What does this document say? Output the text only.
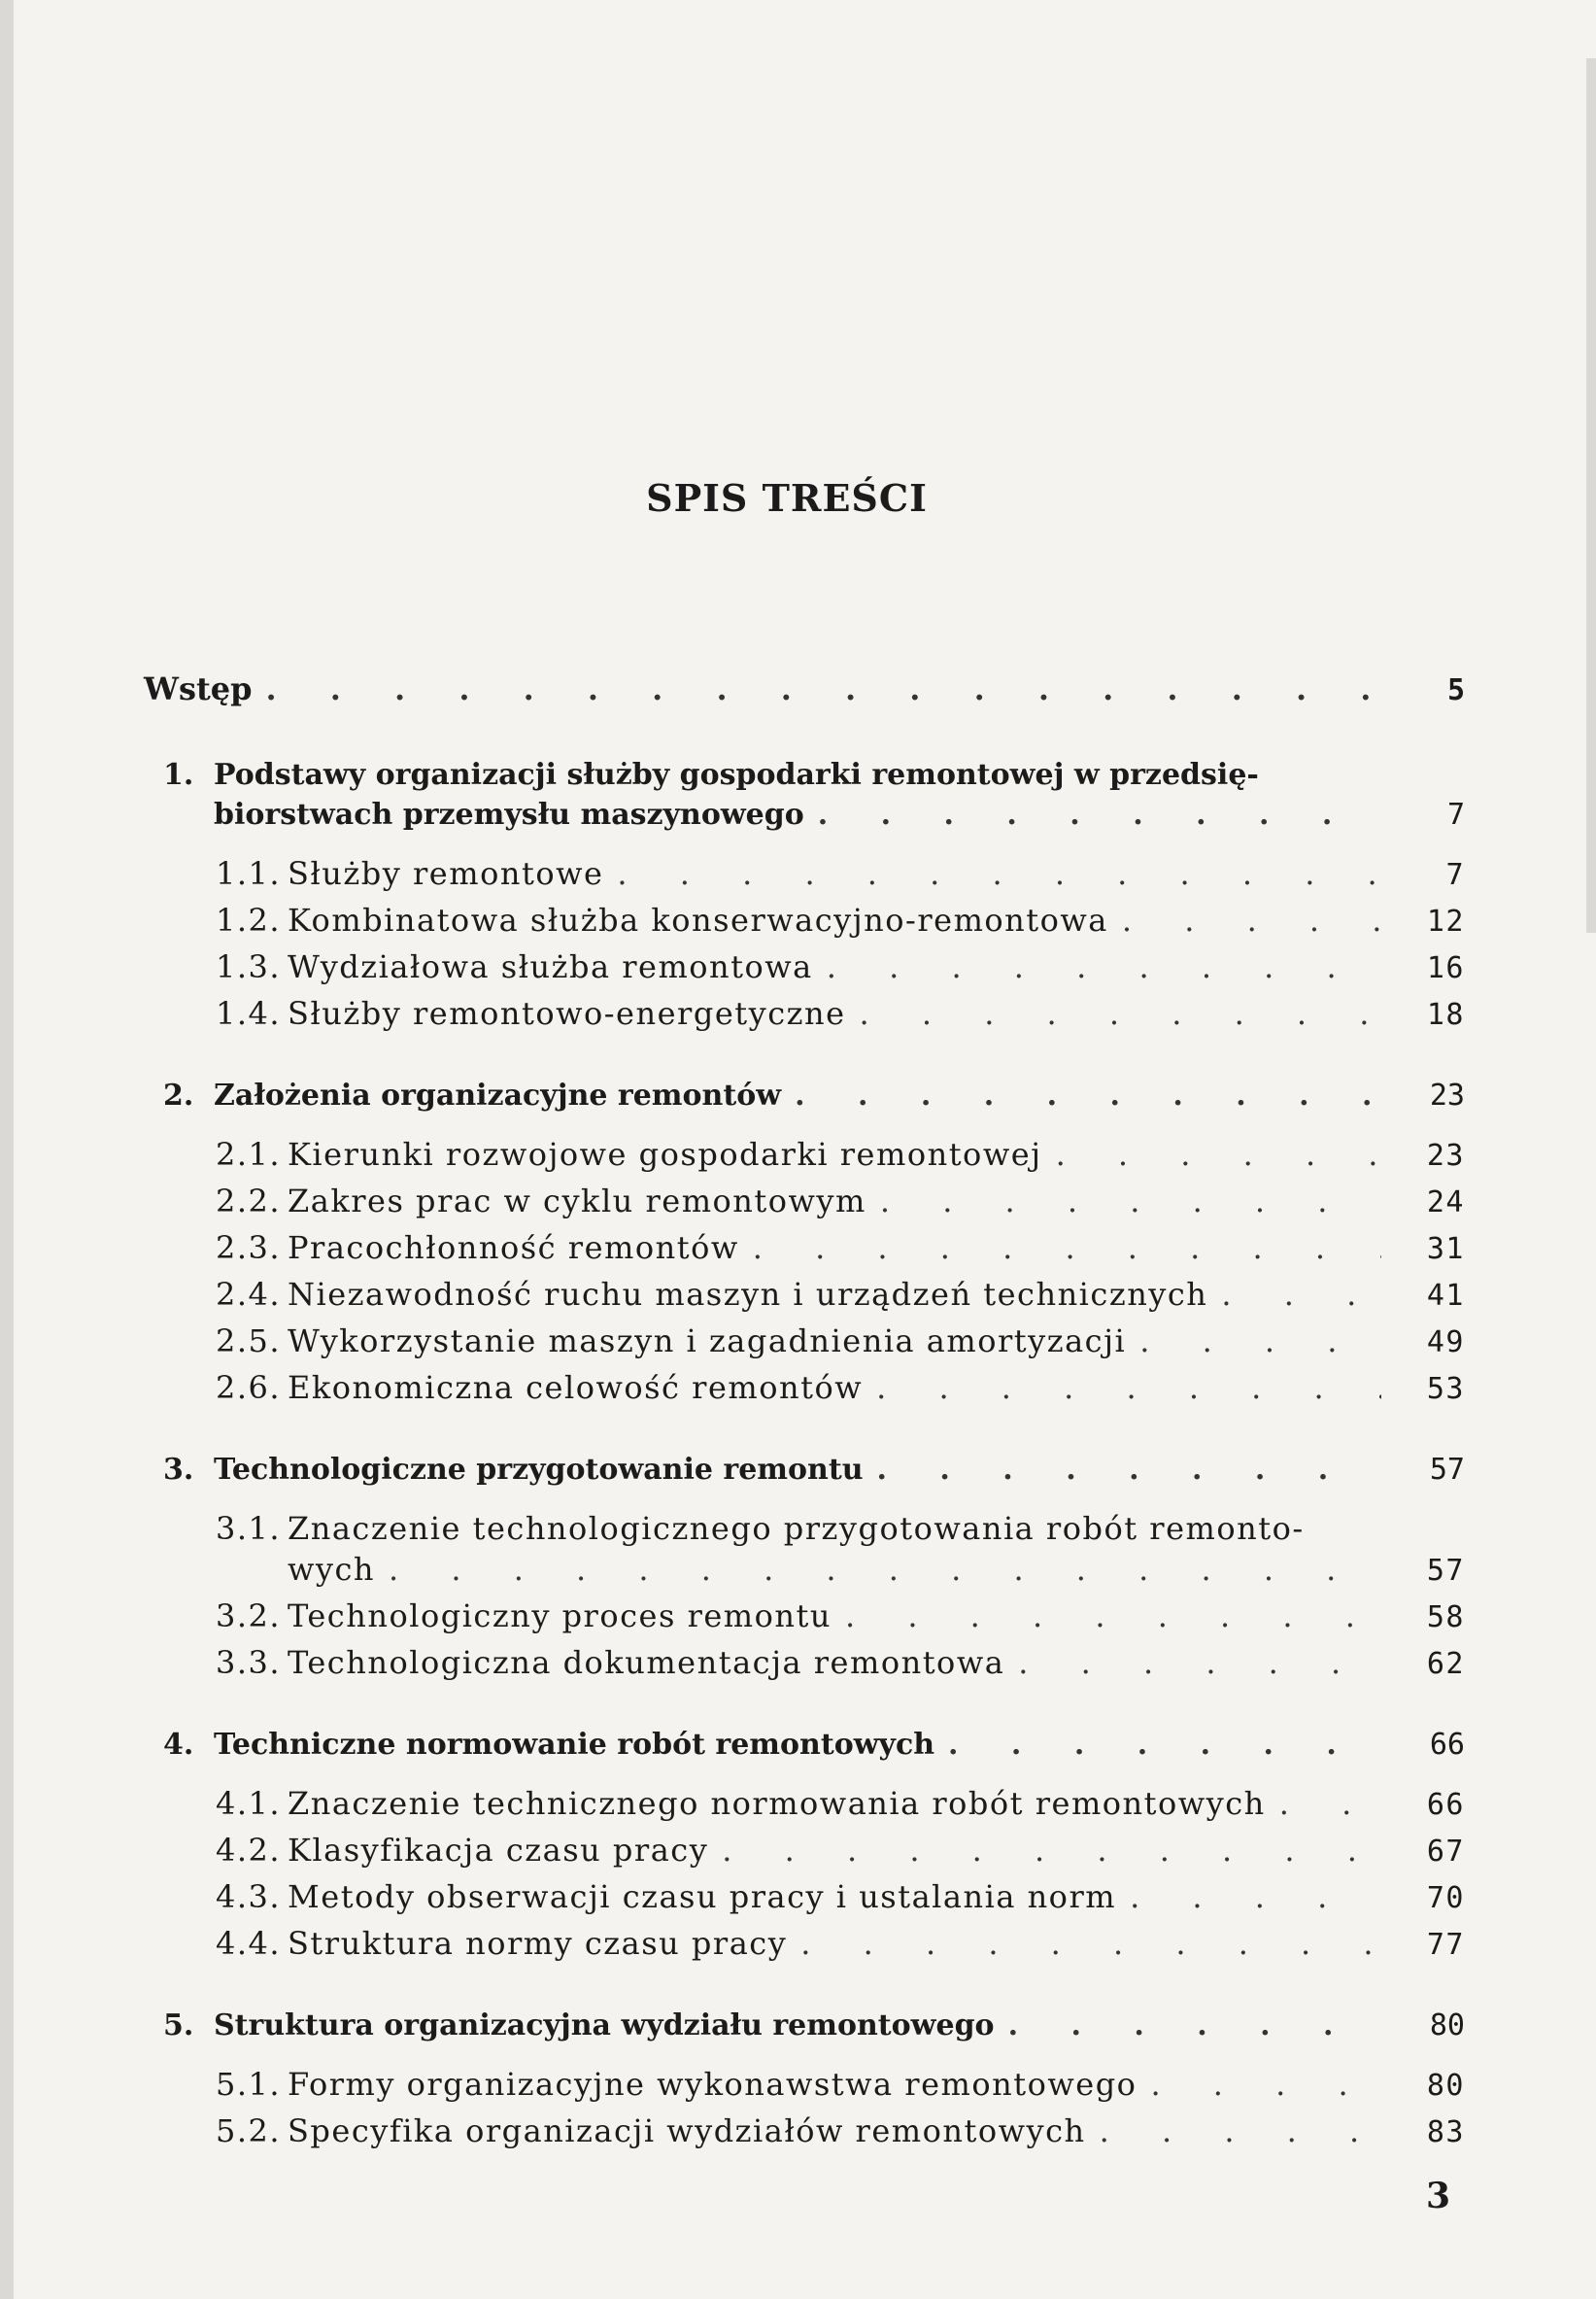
SPIS TREŚCI
Wstęp . . .	5
1. Podstawy organizacji służby gospodarki remontowej w przedsię-
biorstwach przemysłu maszynowego . . .	7
1.1. Służby remontowe . . .	7
1.2. Kombinatowa służba konserwacyjno-remontowa . . .	12
1.3. Wydziałowa służba remontowa . . .	16
1.4. Służby remontowo-energetyczne . . .	18
2. Założenia organizacyjne remontów . . .	23
2.1. Kierunki rozwojowe gospodarki remontowej . . .	23
2.2. Zakres prac w cyklu remontowym . . .	24
2.3. Pracochłonność remontów . . .	31
2.4. Niezawodność ruchu maszyn i urządzeń technicznych . . .	41
2.5. Wykorzystanie maszyn i zagadnienia amortyzacji . . .	49
2.6. Ekonomiczna celowość remontów . . .	53
3. Technologiczne przygotowanie remontu . . .	57
3.1. Znaczenie technologicznego przygotowania robót remonto-
wych . . .	57
3.2. Technologiczny proces remontu . . .	58
3.3. Technologiczna dokumentacja remontowa . . .	62
4. Techniczne normowanie robót remontowych . . .	66
4.1. Znaczenie technicznego normowania robót remontowych . . .	66
4.2. Klasyfikacja czasu pracy . . .	67
4.3. Metody obserwacji czasu pracy i ustalania norm . . .	70
4.4. Struktura normy czasu pracy . . .	77
5. Struktura organizacyjna wydziału remontowego . . .	80
5.1. Formy organizacyjne wykonawstwa remontowego . . .	80
5.2. Specyfika organizacji wydziałów remontowych . . .	83
3
